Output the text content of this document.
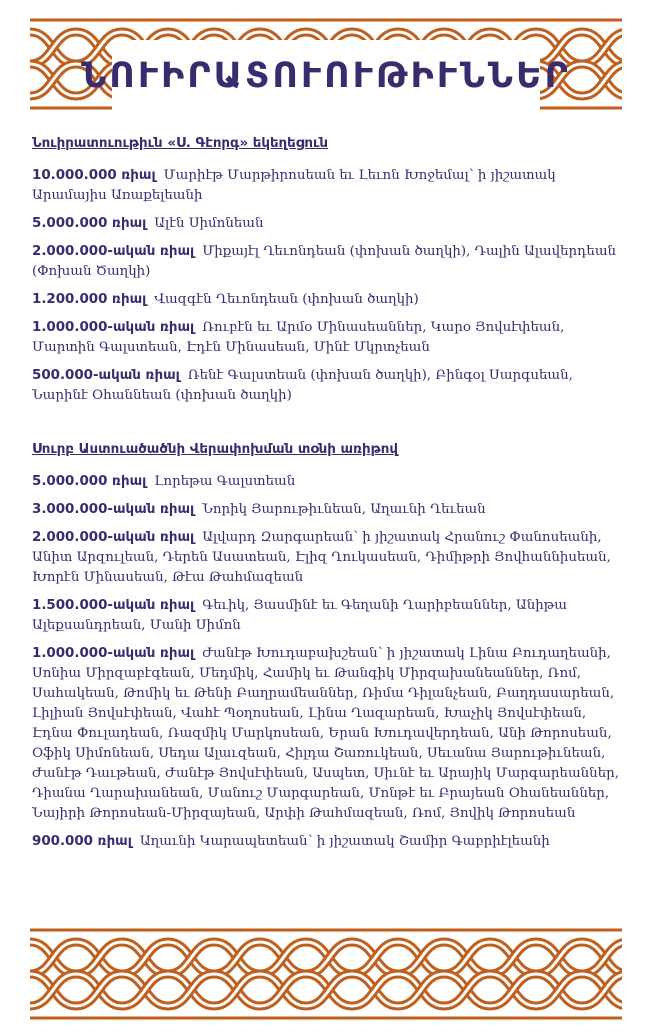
ՆՈՒԻՐԱՏՈՒՈՒԹԻՒՆՆԵՐ
Նուիրատուութիւն «Ս. Գէորգ» եկեղեցուն
10.000.000 ռիալ Մարիէթ Մարթիրոսեան եւ Լեւոն Խոջեմալ՝ ի յիշատակ Արամայիս Առաքելեանի
5.000.000 ռիալ Ալէն Սիմոնեան
2.000.000-ական ռիալ Միքայէլ Ղեւոնդեան (փոխան ծաղկի), Դալին Ալավերդեան (Փոխան Ծաղկի)
1.200.000 ռիալ Վազգէն Ղեւոնդեան (փոխան ծաղկի)
1.000.000-ական ռիալ Ռուբէն եւ Արմօ Մինասեաններ, Կարօ Յովսէփեան, Մարտին Գալստեան, Էդէն Մինասեան, Մինէ Մկրտչեան
500.000-ական ռիալ Ռենէ Գալստեան (փոխան ծաղկի), Բինգօլ Սարգսեան, Նարինէ Օհաննեան (փոխան ծաղկի)
Սուրբ Աստուածածնի Վերափոխման տօնի առիթով
5.000.000 ռիալ Լորեթա Գալստեան
3.000.000-ական ռիալ Նորիկ Յարութիւնեան, Աղաւնի Ղեւեան
2.000.000-ական ռիալ Ալվարդ Զարգարեան՝ ի յիշատակ Հրանուշ Փանոսեանի, Անիտ Արզուլեան, Դերեն Ասատեան, Էլիզ Ղուկասեան, Դիմիթրի Յովհաննիսեան, Խորէն Մինասեան, Թէա Թահմազեան
1.500.000-ական ռիալ Գեւիկ, Յասմինէ եւ Գեղանի Ղարիբեաններ, Անիթա Ալեքսանդրեան, Մանի Սիմոն
1.000.000-ական ռիալ Ժանէթ Խուդաբախշեան՝ ի յիշատակ Լինա Բուդաղեանի, Սոնիա Միրզաբէգեան, Մեդմիկ, Համիկ եւ Թանգիկ Միրզախանեաններ, Ռոմ, Սահակեան, Թոմիկ եւ Թենի Բաղրամեաններ, Ռիմա Դիլանչեան, Բաղդասարեան, Լիլիան Յովսէփեան, Վահէ Պօղոսեան, Լինա Ղազարեան, Խաչիկ Յովսէփեան, Էդնա Փուլադեան, Ռազմիկ Մարկոսեան, Երան Խուդավերդեան, Անի Թորոսեան, Օֆիկ Սիմոնեան, Սեդա Ալաւզեան, Հիլդա Շառուկեան, Սեւանա Յարութիւնեան, Ժանէթ Դաւթեան, Ժանէթ Յովսէփեան, Ասպետ, Սիւնէ եւ Արայիկ Մարգարեաններ, Դիանա Ղարախանեան, Մանուշ Մարգարեան, Մոնթէ եւ Բրայեան Օհանեաններ, Նայիրի Թորոսեան-Միրզայեան, Արփի Թահմազեան, Ռոմ, Յովիկ Թորոսեան
900.000 ռիալ Աղաւնի Կարապետեան՝ ի յիշատակ Շամիր Գաբրիէլեանի
